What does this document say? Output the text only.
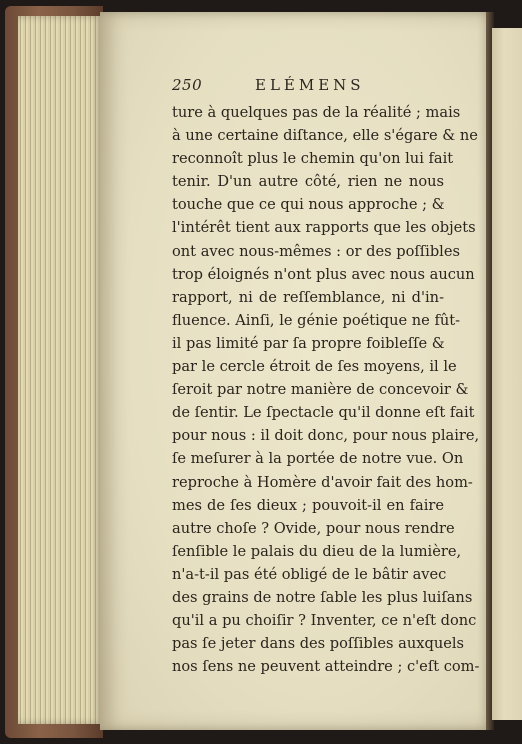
250	ELÉMENS
ture à quelques pas de la réalité ; mais
à une certaine diſtance, elle s'égare & ne
reconnoît plus le chemin qu'on lui fait
tenir. D'un autre côté, rien ne nous
touche que ce qui nous approche ; &
l'intérêt tient aux rapports que les objets
ont avec nous-mêmes : or des poſſibles
trop éloignés n'ont plus avec nous aucun
rapport, ni de reſſemblance, ni d'in-
fluence. Ainſi, le génie poétique ne fût-
il pas limité par ſa propre foibleſſe &
par le cercle étroit de ſes moyens, il le
ſeroit par notre manière de concevoir &
de ſentir. Le ſpectacle qu'il donne eſt fait
pour nous : il doit donc, pour nous plaire,
ſe meſurer à la portée de notre vue. On
reproche à Homère d'avoir fait des hom-
mes de ſes dieux ; pouvoit-il en faire
autre choſe ? Ovide, pour nous rendre
ſenſible le palais du dieu de la lumière,
n'a-t-il pas été obligé de le bâtir avec
des grains de notre ſable les plus luiſans
qu'il a pu choiſir ? Inventer, ce n'eſt donc
pas ſe jeter dans des poſſibles auxquels
nos ſens ne peuvent atteindre ; c'eſt com-
